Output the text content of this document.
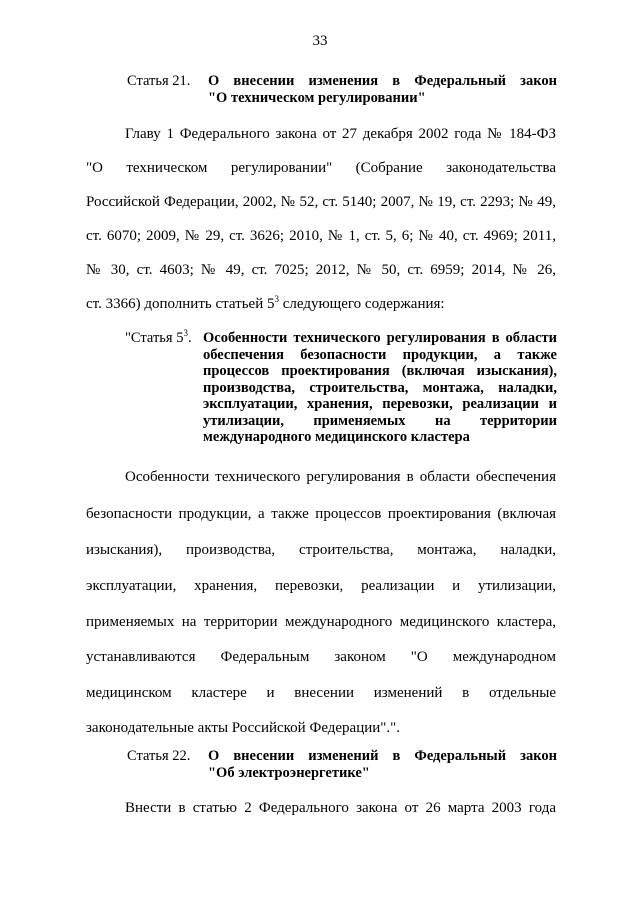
33
Статья 21. О внесении изменения в Федеральный закон
"О техническом регулировании"
Главу 1 Федерального закона от 27 декабря 2002 года № 184-ФЗ
"О техническом регулировании" (Собрание законодательства
Российской Федерации, 2002, № 52, ст. 5140; 2007, № 19, ст. 2293; № 49,
ст. 6070; 2009, № 29, ст. 3626; 2010, № 1, ст. 5, 6; № 40, ст. 4969; 2011,
№ 30, ст. 4603; № 49, ст. 7025; 2012, № 50, ст. 6959; 2014, № 26,
ст. 3366) дополнить статьей $5^3$ следующего содержания:
"Статья $5^3$. Особенности технического регулирования в области
обеспечения безопасности продукции, а также
процессов проектирования (включая изыскания),
производства, строительства, монтажа, наладки,
эксплуатации, хранения, перевозки, реализации и
утилизации, применяемых на территории
международного медицинского кластера
Особенности технического регулирования в области обеспечения
безопасности продукции, а также процессов проектирования (включая
изыскания), производства, строительства, монтажа, наладки,
эксплуатации, хранения, перевозки, реализации и утилизации,
применяемых на территории международного медицинского кластера,
устанавливаются Федеральным законом "О международном
медицинском кластере и внесении изменений в отдельные
законодательные акты Российской Федерации".".
Статья 22. О внесении изменений в Федеральный закон
"Об электроэнергетике"
Внести в статью 2 Федерального закона от 26 марта 2003 года
